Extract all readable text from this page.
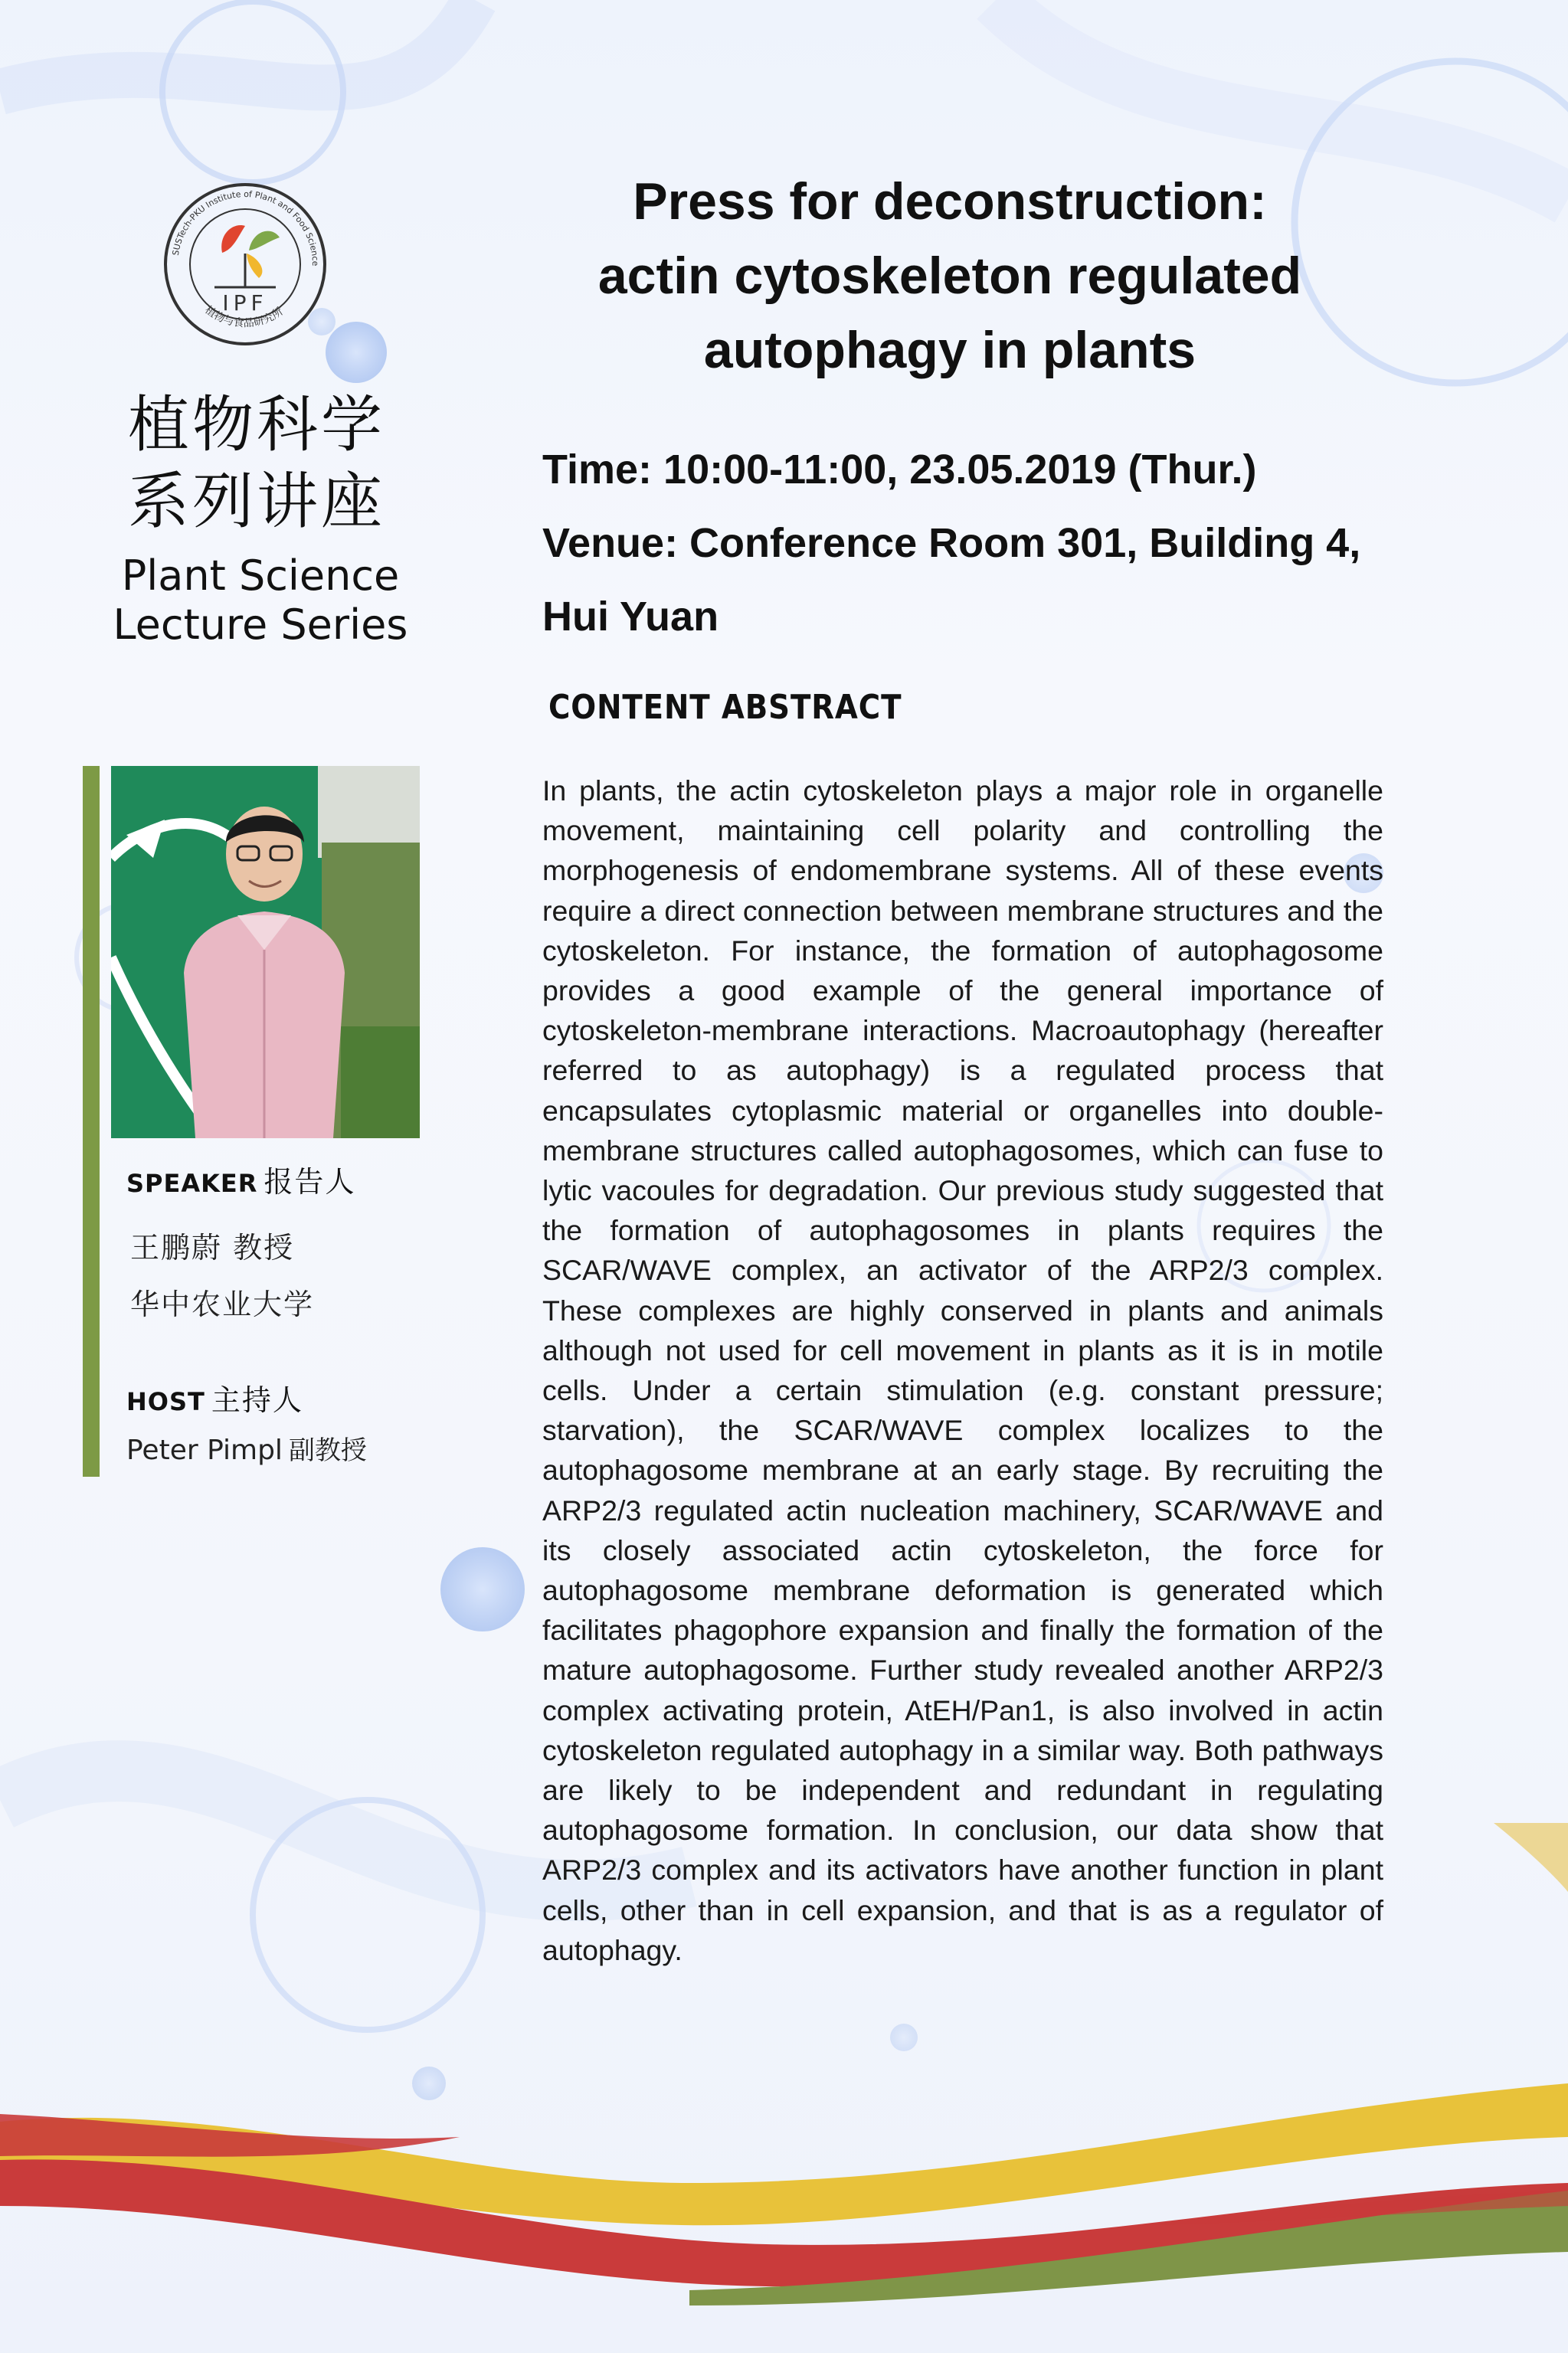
IPF
SUSTech-PKU Institute of Plant and Food Science
植物与食品研究所
植物科学
系列讲座
Plant Science
Lecture Series
SPEAKER 报告人
王鹏蔚 教授
华中农业大学
HOST 主持人
Peter Pimpl 副教授
Press for deconstruction:
actin cytoskeleton regulated
autophagy in plants
Time: 10:00-11:00, 23.05.2019 (Thur.)
Venue: Conference Room 301, Building 4,
Hui Yuan
CONTENT ABSTRACT

In plants, the actin cytoskeleton plays a major role in organelle movement, maintaining cell polarity and controlling the morphogenesis of endomembrane systems. All of these events require a direct connection between membrane structures and the cytoskeleton. For instance, the formation of autophagosome provides a good example of the general importance of cytoskeleton-membrane interactions. Macroautophagy (hereafter referred to as autophagy) is a regulated process that encapsulates cytoplasmic material or organelles into double-membrane structures called autophagosomes, which can fuse to lytic vacoules for degradation. Our previous study suggested that the formation of autophagosomes in plants requires the SCAR/WAVE complex, an activator of the ARP2/3 complex. These complexes are highly conserved in plants and animals although not used for cell movement in plants as it is in motile cells. Under a certain stimulation (e.g. constant pressure; starvation), the SCAR/WAVE complex localizes to the autophagosome membrane at an early stage. By recruiting the ARP2/3 regulated actin nucleation machinery, SCAR/WAVE and its closely associated actin cytoskeleton, the force for autophagosome membrane deformation is generated which facilitates phagophore expansion and finally the formation of the mature autophagosome. Further study revealed another ARP2/3 complex activating protein, AtEH/Pan1, is also involved in actin cytoskeleton regulated autophagy in a similar way. Both pathways are likely to be independent and redundant in regulating autophagosome formation. In conclusion, our data show that ARP2/3 complex and its activators have another function in plant cells, other than in cell expansion, and that is as a regulator of autophagy.
